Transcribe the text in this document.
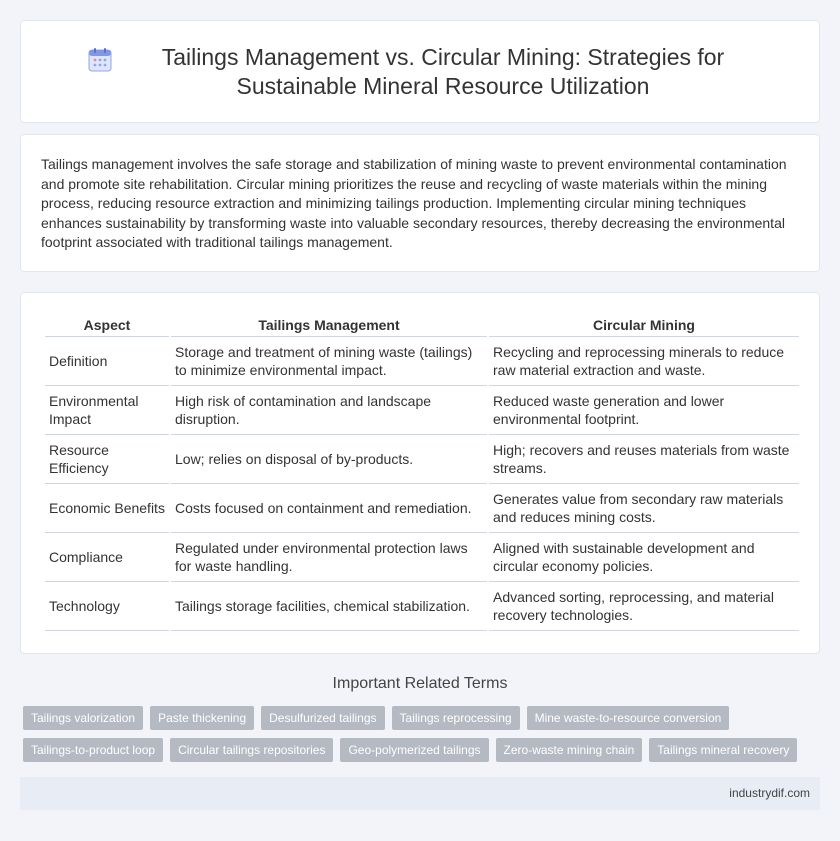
Tailings Management vs. Circular Mining: Strategies for Sustainable Mineral Resource Utilization

Tailings management involves the safe storage and stabilization of mining waste to prevent environmental contamination and promote site rehabilitation. Circular mining prioritizes the reuse and recycling of waste materials within the mining process, reducing resource extraction and minimizing tailings production. Implementing circular mining techniques enhances sustainability by transforming waste into valuable secondary resources, thereby decreasing the environmental footprint associated with traditional tailings management.

Aspect	Tailings Management	Circular Mining
Definition	Storage and treatment of mining waste (tailings) to minimize environmental impact.	Recycling and reprocessing minerals to reduce raw material extraction and waste.
Environmental Impact	High risk of contamination and landscape disruption.	Reduced waste generation and lower environmental footprint.
Resource Efficiency	Low; relies on disposal of by-products.	High; recovers and reuses materials from waste streams.
Economic Benefits	Costs focused on containment and remediation.	Generates value from secondary raw materials and reduces mining costs.
Compliance	Regulated under environmental protection laws for waste handling.	Aligned with sustainable development and circular economy policies.
Technology	Tailings storage facilities, chemical stabilization.	Advanced sorting, reprocessing, and material recovery technologies.
Important Related Terms
Tailings valorization	Paste thickening	Desulfurized tailings	Tailings reprocessing	Mine waste-to-resource conversion
Tailings-to-product loop	Circular tailings repositories	Geo-polymerized tailings	Zero-waste mining chain	Tailings mineral recovery
industrydif.com
